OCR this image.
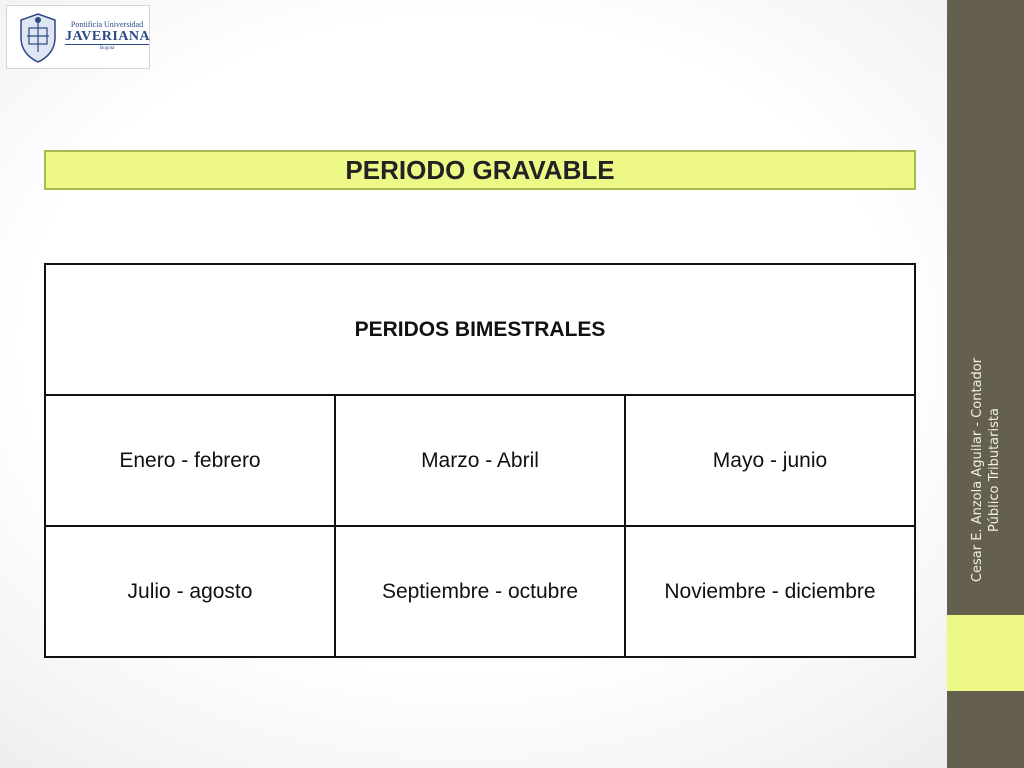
Pontificia Universidad
JAVERIANA
Bogotá
PERIODO GRAVABLE
PERIDOS BIMESTRALES		
Enero - febrero	Marzo - Abril	Mayo - junio
Julio - agosto	Septiembre - octubre	Noviembre - diciembre
Cesar E. Anzola Aguilar - Contador Público Tributarista
